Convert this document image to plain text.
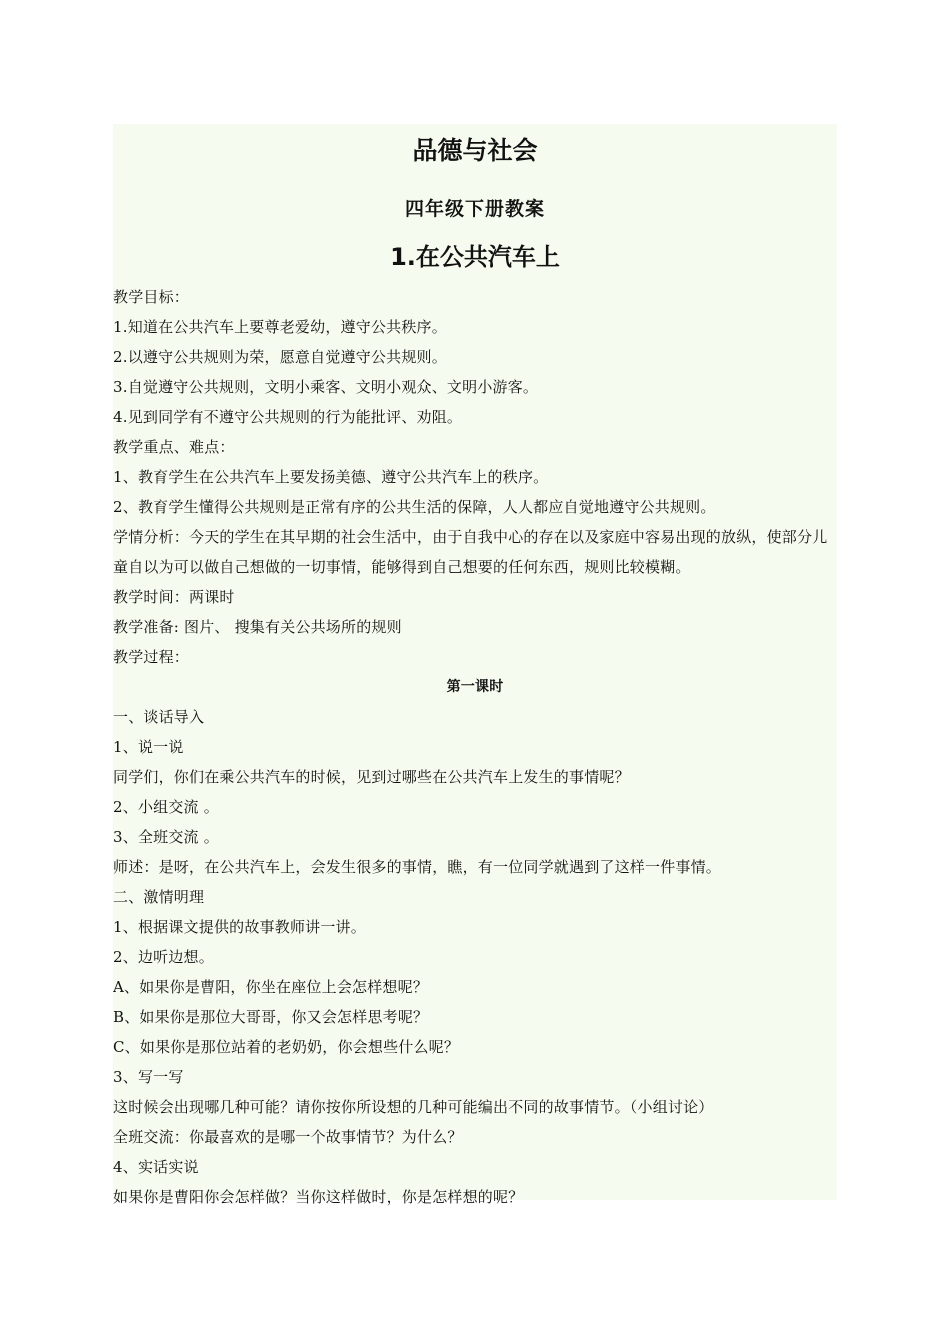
品德与社会
四年级下册教案
1.在公共汽车上
教学目标：
1.知道在公共汽车上要尊老爱幼，遵守公共秩序。
2.以遵守公共规则为荣，愿意自觉遵守公共规则。
3.自觉遵守公共规则，文明小乘客、文明小观众、文明小游客。
4.见到同学有不遵守公共规则的行为能批评、劝阻。
教学重点、难点：
1、教育学生在公共汽车上要发扬美德、遵守公共汽车上的秩序。
2、教育学生懂得公共规则是正常有序的公共生活的保障，人人都应自觉地遵守公共规则。
学情分析：今天的学生在其早期的社会生活中，由于自我中心的存在以及家庭中容易出现的放纵，使部分儿童自以为可以做自己想做的一切事情，能够得到自己想要的任何东西，规则比较模糊。
教学时间：两课时
教学准备: 图片、 搜集有关公共场所的规则
教学过程：
第一课时
一、谈话导入
1、说一说
同学们，你们在乘公共汽车的时候，见到过哪些在公共汽车上发生的事情呢？
2、小组交流 。
3、全班交流 。
师述：是呀，在公共汽车上，会发生很多的事情，瞧，有一位同学就遇到了这样一件事情。
二、激情明理
1、根据课文提供的故事教师讲一讲。
2、边听边想。
A、如果你是曹阳，你坐在座位上会怎样想呢？
B、如果你是那位大哥哥，你又会怎样思考呢？
C、如果你是那位站着的老奶奶，你会想些什么呢？
3、写一写
这时候会出现哪几种可能？请你按你所设想的几种可能编出不同的故事情节。（小组讨论）
全班交流：你最喜欢的是哪一个故事情节？为什么？
4、实话实说
如果你是曹阳你会怎样做？当你这样做时，你是怎样想的呢？
